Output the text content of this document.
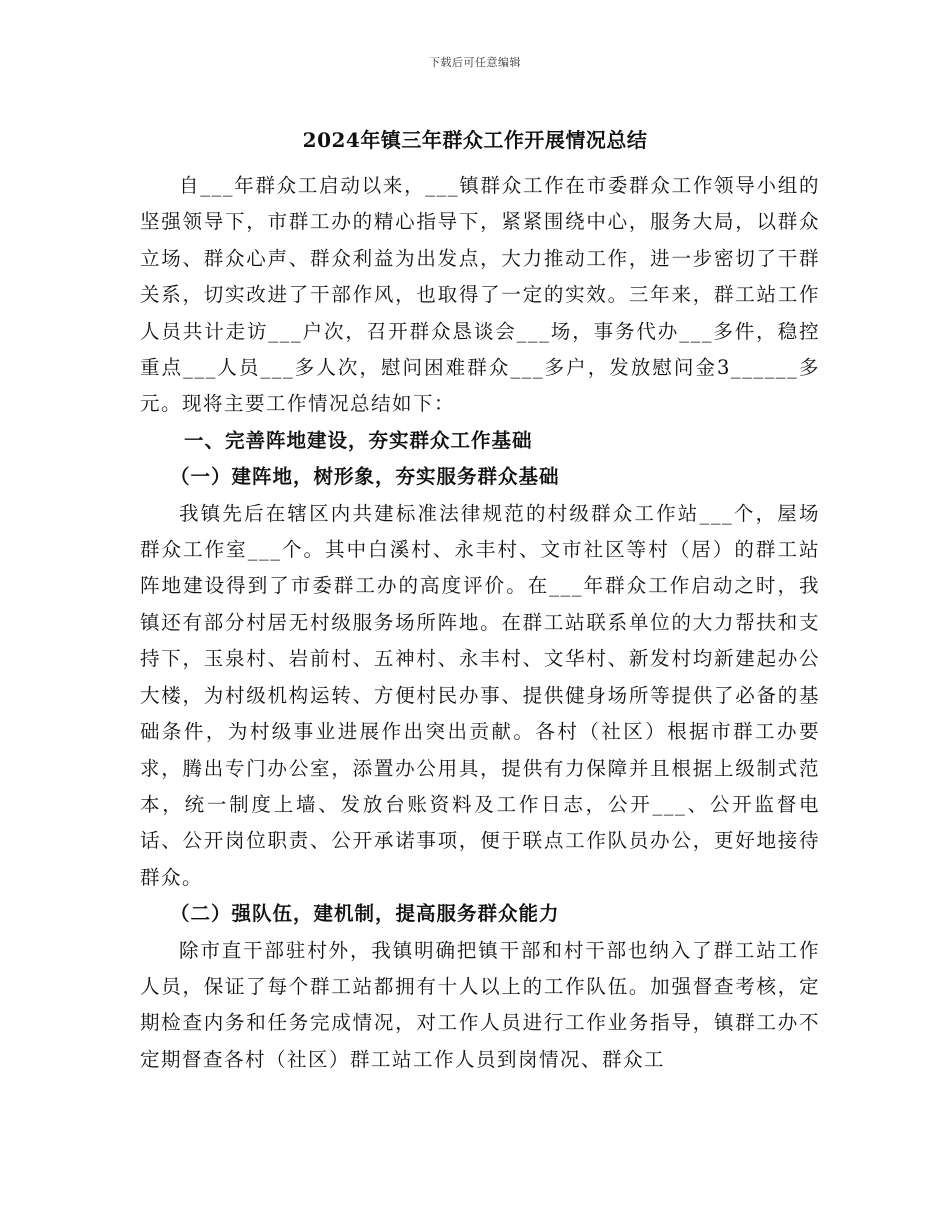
下载后可任意编辑
2024年镇三年群众工作开展情况总结

自___年群众工启动以来，___镇群众工作在市委群众工作领导小组的坚强领导下，市群工办的精心指导下，紧紧围绕中心，服务大局，以群众立场、群众心声、群众利益为出发点，大力推动工作，进一步密切了干群关系，切实改进了干部作风，也取得了一定的实效。三年来，群工站工作人员共计走访___户次，召开群众恳谈会___场，事务代办___多件，稳控重点___人员___多人次，慰问困难群众___多户，发放慰问金3______多元。现将主要工作情况总结如下：

一、完善阵地建设，夯实群众工作基础

（一）建阵地，树形象，夯实服务群众基础

我镇先后在辖区内共建标准法律规范的村级群众工作站___个，屋场群众工作室___个。其中白溪村、永丰村、文市社区等村（居）的群工站阵地建设得到了市委群工办的高度评价。在___年群众工作启动之时，我镇还有部分村居无村级服务场所阵地。在群工站联系单位的大力帮扶和支持下，玉泉村、岩前村、五神村、永丰村、文华村、新发村均新建起办公大楼，为村级机构运转、方便村民办事、提供健身场所等提供了必备的基础条件，为村级事业进展作出突出贡献。各村（社区）根据市群工办要求，腾出专门办公室，添置办公用具，提供有力保障并且根据上级制式范本，统一制度上墙、发放台账资料及工作日志，公开___、公开监督电话、公开岗位职责、公开承诺事项，便于联点工作队员办公，更好地接待群众。

（二）强队伍，建机制，提高服务群众能力

除市直干部驻村外，我镇明确把镇干部和村干部也纳入了群工站工作人员，保证了每个群工站都拥有十人以上的工作队伍。加强督查考核，定期检查内务和任务完成情况，对工作人员进行工作业务指导，镇群工办不定期督查各村（社区）群工站工作人员到岗情况、群众工
